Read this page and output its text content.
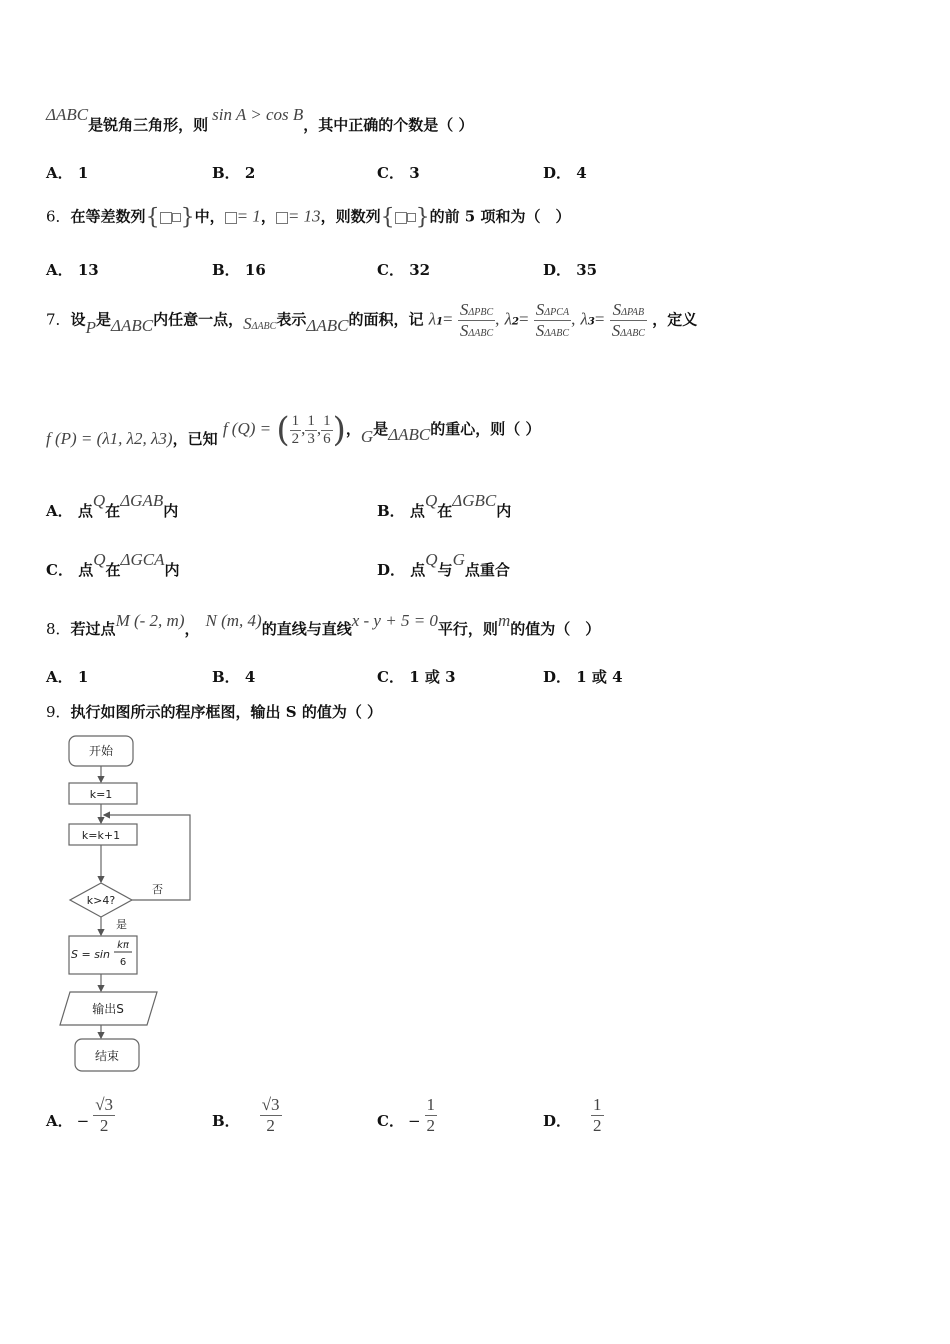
ΔABC是锐角三角形，则sin A > cos B，其中正确的个数是（ ）
A． 1	B． 2	C． 3	D． 4
6．在等差数列{ }中， = 1， = 13，则数列{ }的前 5 项和为（　）
A． 13	B． 16	C． 32	D． 35
7．设P是ΔABC内任意一点，SΔABC表示ΔABC的面积，记 $\lambda 1= \frac{\text{SΔPBC}}{\text{SΔABC}}$ , $\lambda 2= \frac{\text{SΔPCA}}{\text{SΔABC}}$ , $\lambda 3= \frac{\text{SΔPAB}}{\text{SΔABC}}$ ，定义
f (P) = (λ1, λ2, λ3)，已知 f (Q) = ( $\frac{1}{2}$ , $\frac{1}{3}$ , $\frac{1}{6}$ )，G是ΔABC的重心，则（ ）
A． 点Q在ΔGAB内	B． 点Q在ΔGBC内
C． 点Q在ΔGCA内	D． 点Q与G点重合
8．若过点M (- 2, m)， N (m, 4)的直线与直线x - y + 5 = 0平行，则m的值为（　）
A． 1	B． 4	C． 1 或 3	D． 1 或 4
9．执行如图所示的程序框图，输出 S 的值为（ ）
开始
k=1
k=k+1
k>4?
否
是
S = sin
kπ
6
输出S
结束
A． − $\frac{√3}{2}$	B． $\frac{√3}{2}$	C． − $\frac{1}{2}$	D． $\frac{1}{2}$
